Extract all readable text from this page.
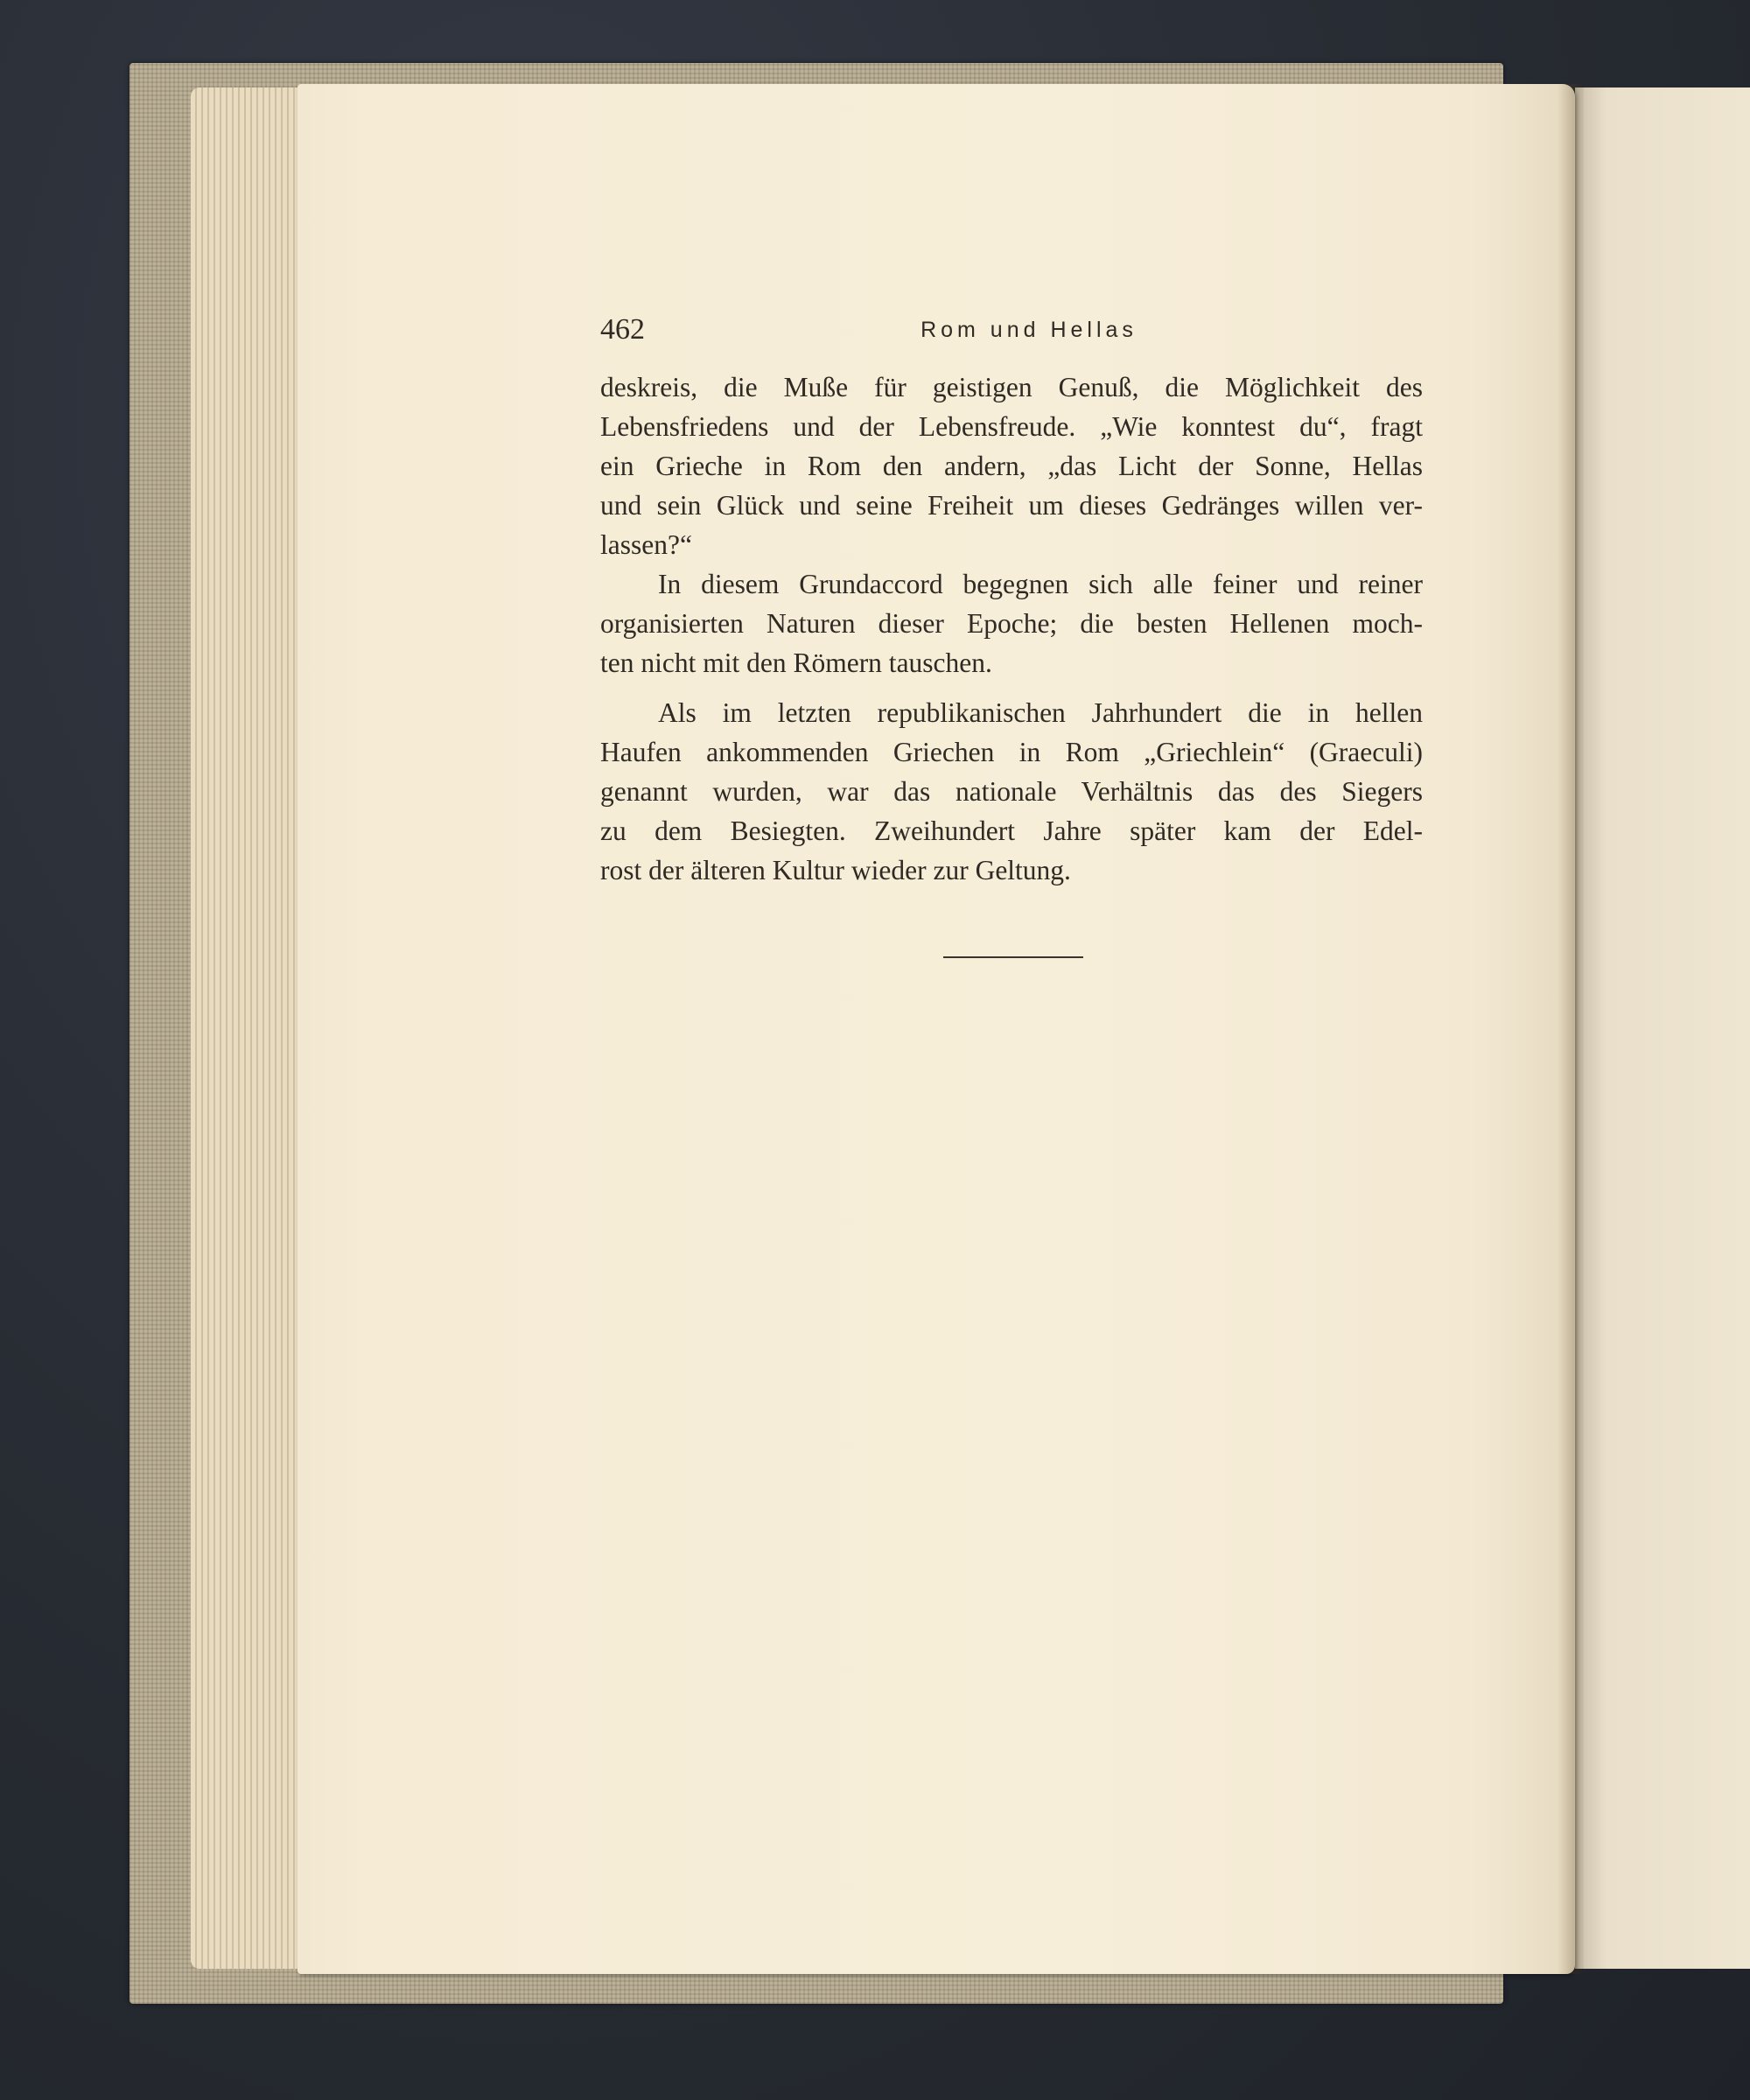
462	Rom und Hellas

deskreis, die Muße für geistigen Genuß, die Möglichkeit des
Lebensfriedens und der Lebensfreude. „Wie konntest du“, fragt
ein Grieche in Rom den andern, „das Licht der Sonne, Hellas
und sein Glück und seine Freiheit um dieses Gedränges willen ver-
lassen?“

In diesem Grundaccord begegnen sich alle feiner und reiner
organisierten Naturen dieser Epoche; die besten Hellenen moch-
ten nicht mit den Römern tauschen.

Als im letzten republikanischen Jahrhundert die in hellen
Haufen ankommenden Griechen in Rom „Griechlein“ (Graeculi)
genannt wurden, war das nationale Verhältnis das des Siegers
zu dem Besiegten. Zweihundert Jahre später kam der Edel-
rost der älteren Kultur wieder zur Geltung.
